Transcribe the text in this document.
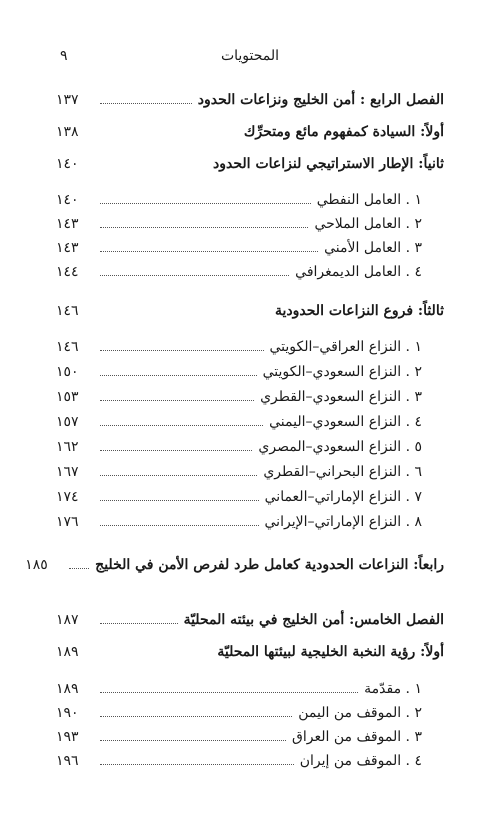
المحتويات
٩
الفصل الرابع : أمن الخليج ونزاعات الحدود
١٣٧
أولاً: السيادة كمفهوم مائع ومتحرِّك
١٣٨
ثانياً: الإطار الاستراتيجي لنزاعات الحدود
١٤٠
١ . العامل النفطي
١٤٠
٢ . العامل الملاحي
١٤٣
٣ . العامل الأمني
١٤٣
٤ . العامل الديمغرافي
١٤٤
ثالثاً: فروع النزاعات الحدودية
١٤٦
١ . النزاع العراقي–الكويتي
١٤٦
٢ . النزاع السعودي–الكويتي
١٥٠
٣ . النزاع السعودي–القطري
١٥٣
٤ . النزاع السعودي–اليمني
١٥٧
٥ . النزاع السعودي–المصري
١٦٢
٦ . النزاع البحراني–القطري
١٦٧
٧ . النزاع الإماراتي–العماني
١٧٤
٨ . النزاع الإماراتي–الإيراني
١٧٦
رابعاً: النزاعات الحدودية كعامل طرد لفرص الأمن في الخليج
١٨٥
الفصل الخامس: أمن الخليج في بيئته المحليّة
١٨٧
أولاً: رؤية النخبة الخليجية لبيئتها المحليّة
١٨٩
١ . مقدّمة
١٨٩
٢ . الموقف من اليمن
١٩٠
٣ . الموقف من العراق
١٩٣
٤ . الموقف من إيران
١٩٦
